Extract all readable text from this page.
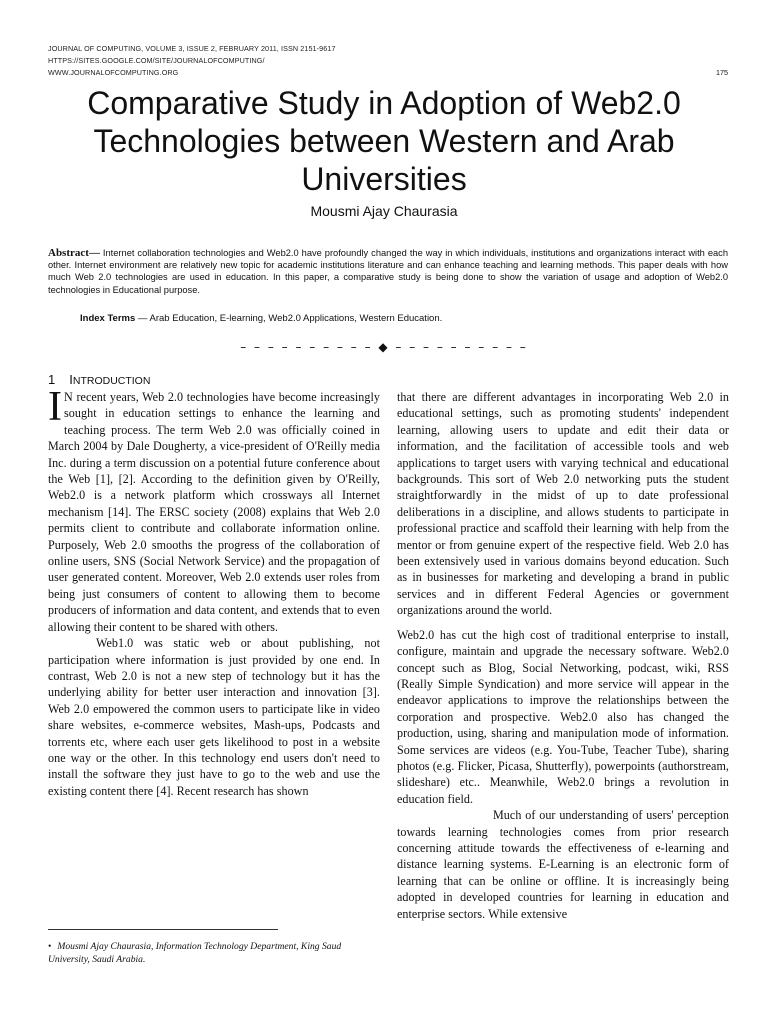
JOURNAL OF COMPUTING, VOLUME 3, ISSUE 2, FEBRUARY 2011, ISSN 2151-9617
HTTPS://SITES.GOOGLE.COM/SITE/JOURNALOFCOMPUTING/
WWW.JOURNALOFCOMPUTING.ORG	175
Comparative Study in Adoption of Web2.0 Technologies between Western and Arab Universities
Mousmi Ajay Chaurasia
Abstract— Internet collaboration technologies and Web2.0 have profoundly changed the way in which individuals, institutions and organizations interact with each other. Internet environment are relatively new topic for academic institutions literature and can enhance teaching and learning methods. This paper deals with how much Web 2.0 technologies are used in education. In this paper, a comparative study is being done to show the variation of usage and adoption of Web2.0 technologies in Educational purpose.
Index Terms — Arab Education, E-learning, Web2.0 Applications, Western Education.
– – – – – – – – – – ◆ – – – – – – – – – –
1 INTRODUCTION

I N recent years, Web 2.0 technologies have become increasingly sought in education settings to enhance the learning and teaching process. The term Web 2.0 was officially coined in March 2004 by Dale Dougherty, a vice-president of O'Reilly media Inc. during a term discussion on a potential future conference about the Web [1], [2]. According to the definition given by O'Reilly, Web2.0 is a network platform which crossways all Internet mechanism [14]. The ERSC society (2008) explains that Web 2.0 permits client to contribute and collaborate information online. Purposely, Web 2.0 smooths the progress of the collaboration of online users, SNS (Social Network Service) and the propagation of user generated content. Moreover, Web 2.0 extends user roles from being just consumers of content to allowing them to become producers of information and data content, and extends that to even allowing their content to be shared with others.

Web1.0 was static web or about publishing, not participation where information is just provided by one end. In contrast, Web 2.0 is not a new step of technology but it has the underlying ability for better user interaction and innovation [3]. Web 2.0 empowered the common users to participate like in video share websites, e-commerce websites, Mash-ups, Podcasts and torrents etc, where each user gets likelihood to post in a website one way or the other. In this technology end users don't need to install the software they just have to go to the web and use the existing content there [4]. Recent research has shown

that there are different advantages in incorporating Web 2.0 in educational settings, such as promoting students' independent learning, allowing users to update and edit their data or information, and the facilitation of accessible tools and web applications to target users with varying technical and educational backgrounds. This sort of Web 2.0 networking puts the student straightforwardly in the midst of up to date professional deliberations in a discipline, and allows students to participate in professional practice and scaffold their learning with help from the mentor or from genuine expert of the respective field. Web 2.0 has been extensively used in various domains beyond education. Such as in businesses for marketing and developing a brand in public services and in different Federal Agencies or government organizations around the world.

Web2.0 has cut the high cost of traditional enterprise to install, configure, maintain and upgrade the necessary software. Web2.0 concept such as Blog, Social Networking, podcast, wiki, RSS (Really Simple Syndication) and more service will appear in the endeavor applications to improve the relationships between the corporation and prospective. Web2.0 also has changed the production, using, sharing and manipulation mode of information. Some services are videos (e.g. You-Tube, Teacher Tube), sharing photos (e.g. Flicker, Picasa, Shutterfly), powerpoints (authorstream, slideshare) etc.. Meanwhile, Web2.0 brings a revolution in education field.

Much of our understanding of users' perception towards learning technologies comes from prior research concerning attitude towards the effectiveness of e-learning and distance learning systems. E-Learning is an electronic form of learning that can be online or offline. It is increasingly being adopted in developed countries for learning in education and enterprise sectors. While extensive

• Mousmi Ajay Chaurasia, Information Technology Department, King Saud University, Saudi Arabia.
